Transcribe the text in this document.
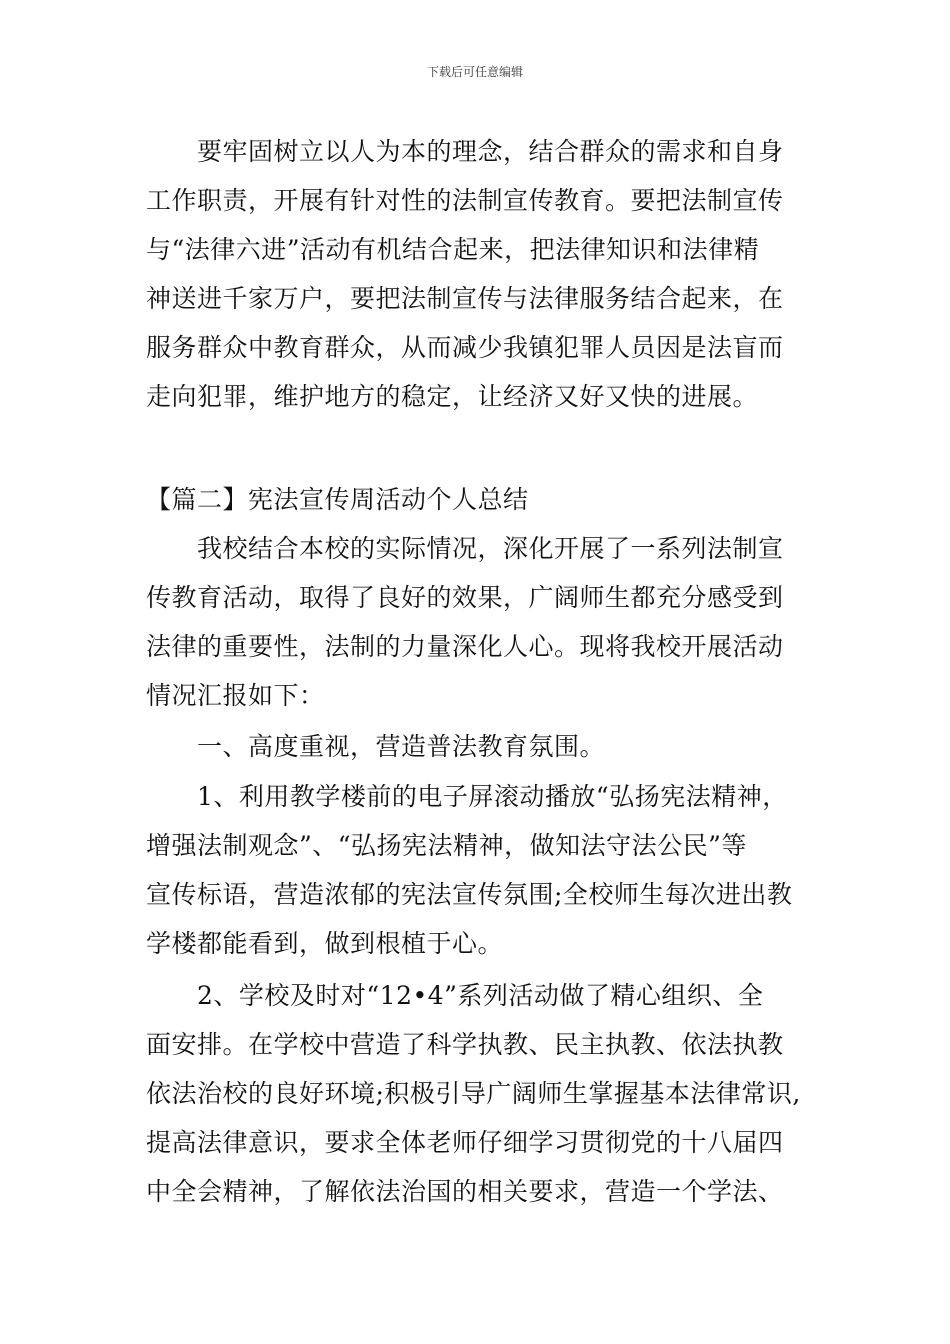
下载后可任意编辑
　　要牢固树立以人为本的理念，结合群众的需求和自身
工作职责，开展有针对性的法制宣传教育。要把法制宣传
与“法律六进”活动有机结合起来，把法律知识和法律精
神送进千家万户，要把法制宣传与法律服务结合起来，在
服务群众中教育群众，从而减少我镇犯罪人员因是法盲而
走向犯罪，维护地方的稳定，让经济又好又快的进展。
【篇二】宪法宣传周活动个人总结
　　我校结合本校的实际情况，深化开展了一系列法制宣
传教育活动，取得了良好的效果，广阔师生都充分感受到
法律的重要性，法制的力量深化人心。现将我校开展活动
情况汇报如下：
　　一、高度重视，营造普法教育氛围。
　　1、利用教学楼前的电子屏滚动播放“弘扬宪法精神，
增强法制观念”、“弘扬宪法精神，做知法守法公民”等
宣传标语，营造浓郁的宪法宣传氛围;全校师生每次进出教
学楼都能看到，做到根植于心。
　　2、学校及时对“12•4”系列活动做了精心组织、全
面安排。在学校中营造了科学执教、民主执教、依法执教
依法治校的良好环境;积极引导广阔师生掌握基本法律常识,
提高法律意识，要求全体老师仔细学习贯彻党的十八届四
中全会精神，了解依法治国的相关要求，营造一个学法、
